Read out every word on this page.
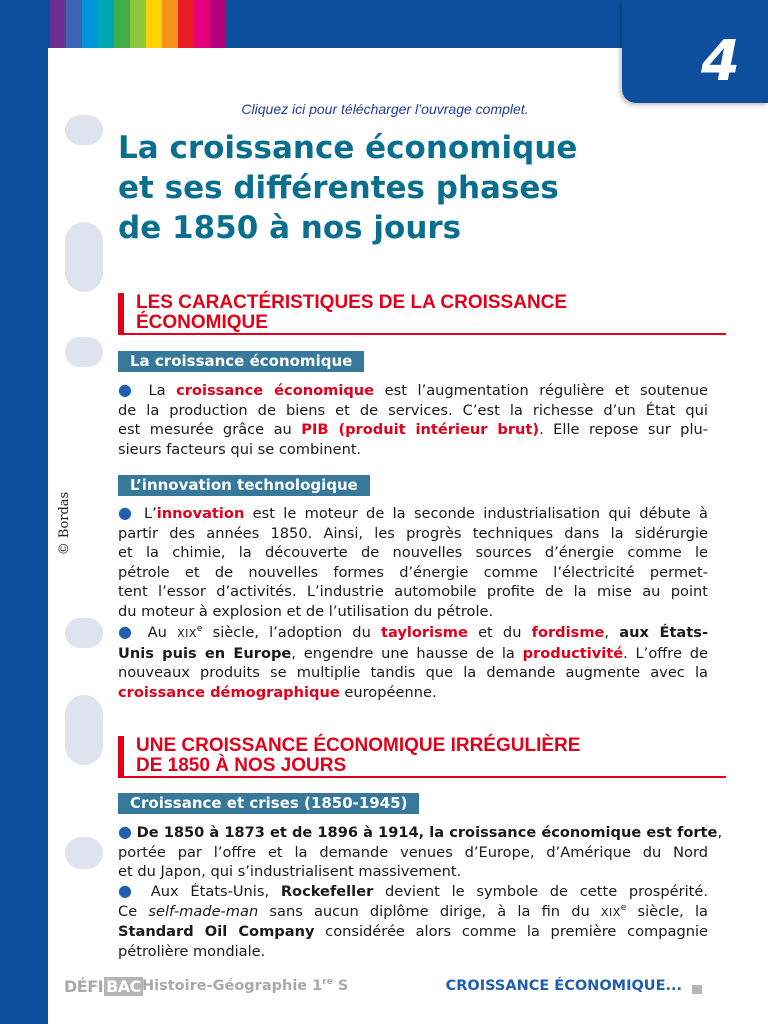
4
© Bordas
Cliquez ici pour télécharger l’ouvrage complet.
La croissance économique
et ses différentes phases
de 1850 à nos jours
LES CARACTÉRISTIQUES DE LA CROISSANCE
ÉCONOMIQUE
La croissance économique

● La croissance économique est l’augmentation régulière et soutenue
de la production de biens et de services. C’est la richesse d’un État qui
est mesurée grâce au PIB (produit intérieur brut). Elle repose sur plu-
sieurs facteurs qui se combinent.

L’innovation technologique

● L’innovation est le moteur de la seconde industrialisation qui débute à
partir des années 1850. Ainsi, les progrès techniques dans la sidérurgie
et la chimie, la découverte de nouvelles sources d’énergie comme le
pétrole et de nouvelles formes d’énergie comme l’électricité permet-
tent l’essor d’activités. L’industrie automobile profite de la mise au point
du moteur à explosion et de l’utilisation du pétrole.

● Au XIXe siècle, l’adoption du taylorisme et du fordisme, aux États-
Unis puis en Europe, engendre une hausse de la productivité. L’offre de
nouveaux produits se multiplie tandis que la demande augmente avec la
croissance démographique européenne.

UNE CROISSANCE ÉCONOMIQUE IRRÉGULIÈRE
DE 1850 À NOS JOURS
Croissance et crises (1850-1945)

● De 1850 à 1873 et de 1896 à 1914, la croissance économique est forte,
portée par l’offre et la demande venues d’Europe, d’Amérique du Nord
et du Japon, qui s’industrialisent massivement.

● Aux États-Unis, Rockefeller devient le symbole de cette prospérité.
Ce self-made-man sans aucun diplôme dirige, à la fin du XIXe siècle, la
Standard Oil Company considérée alors comme la première compagnie
pétrolière mondiale.

DÉFI BAC Histoire-Géographie 1re S	CROISSANCE ÉCONOMIQUE...
